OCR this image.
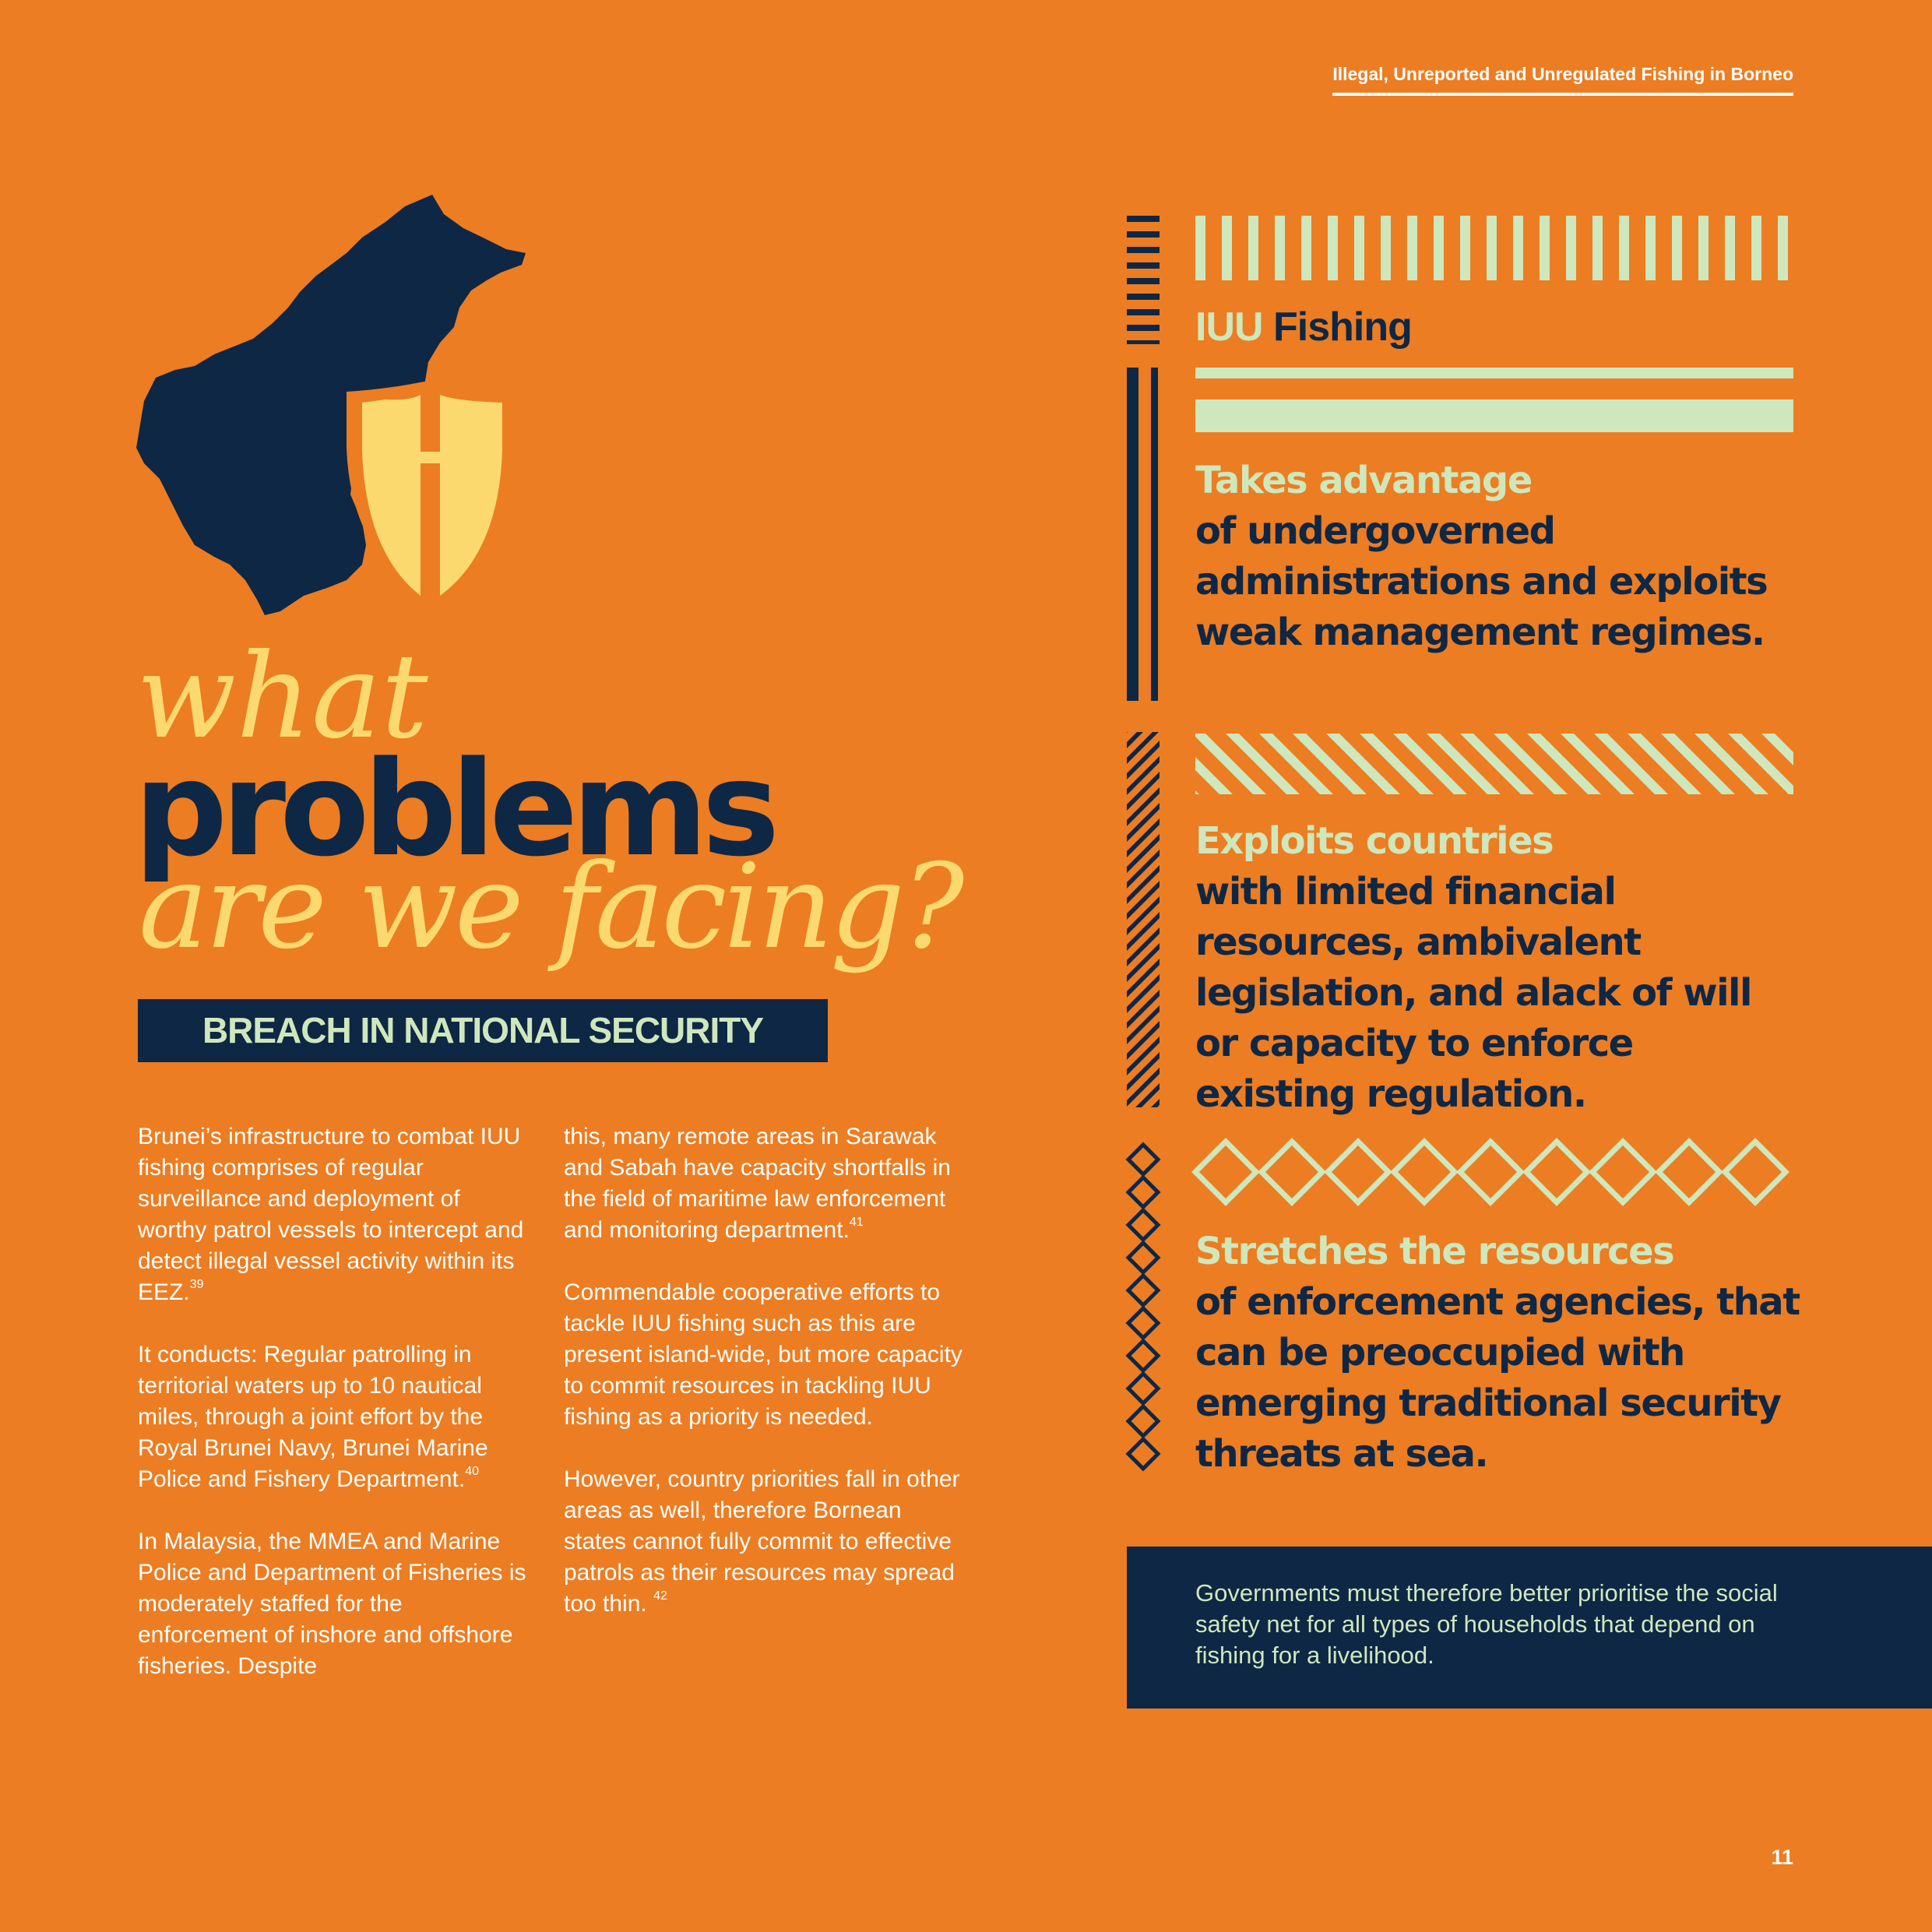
Illegal, Unreported and Unregulated Fishing in Borneo
what
problems
are we facing?
BREACH IN NATIONAL SECURITY

Brunei’s infrastructure to combat IUU fishing comprises of regular surveillance and deployment of worthy patrol vessels to intercept and detect illegal vessel activity within its EEZ.$^{39}$

It conducts: Regular patrolling in territorial waters up to 10 nautical miles, through a joint effort by the Royal Brunei Navy, Brunei Marine Police and Fishery Department.$^{40}$

In Malaysia, the MMEA and Marine Police and Department of Fisheries is moderately staffed for the enforcement of inshore and offshore fisheries. Despite

this, many remote areas in Sarawak and Sabah have capacity shortfalls in the field of maritime law enforcement and monitoring department.$^{41}$

Commendable cooperative efforts to tackle IUU fishing such as this are present island-wide, but more capacity to commit resources in tackling IUU fishing as a priority is needed.

However, country priorities fall in other areas as well, therefore Bornean states cannot fully commit to effective patrols as their resources may spread too thin. $^{42}$

IUU Fishing
Takes advantage
of undergoverned administrations and exploits weak management regimes.
Exploits countries
with limited financial resources, ambivalent legislation, and alack of will or capacity to enforce existing regulation.
Stretches the resources
of enforcement agencies, that can be preoccupied with emerging traditional security threats at sea.
Governments must therefore better prioritise the social safety net for all types of households that depend on fishing for a livelihood.
11
